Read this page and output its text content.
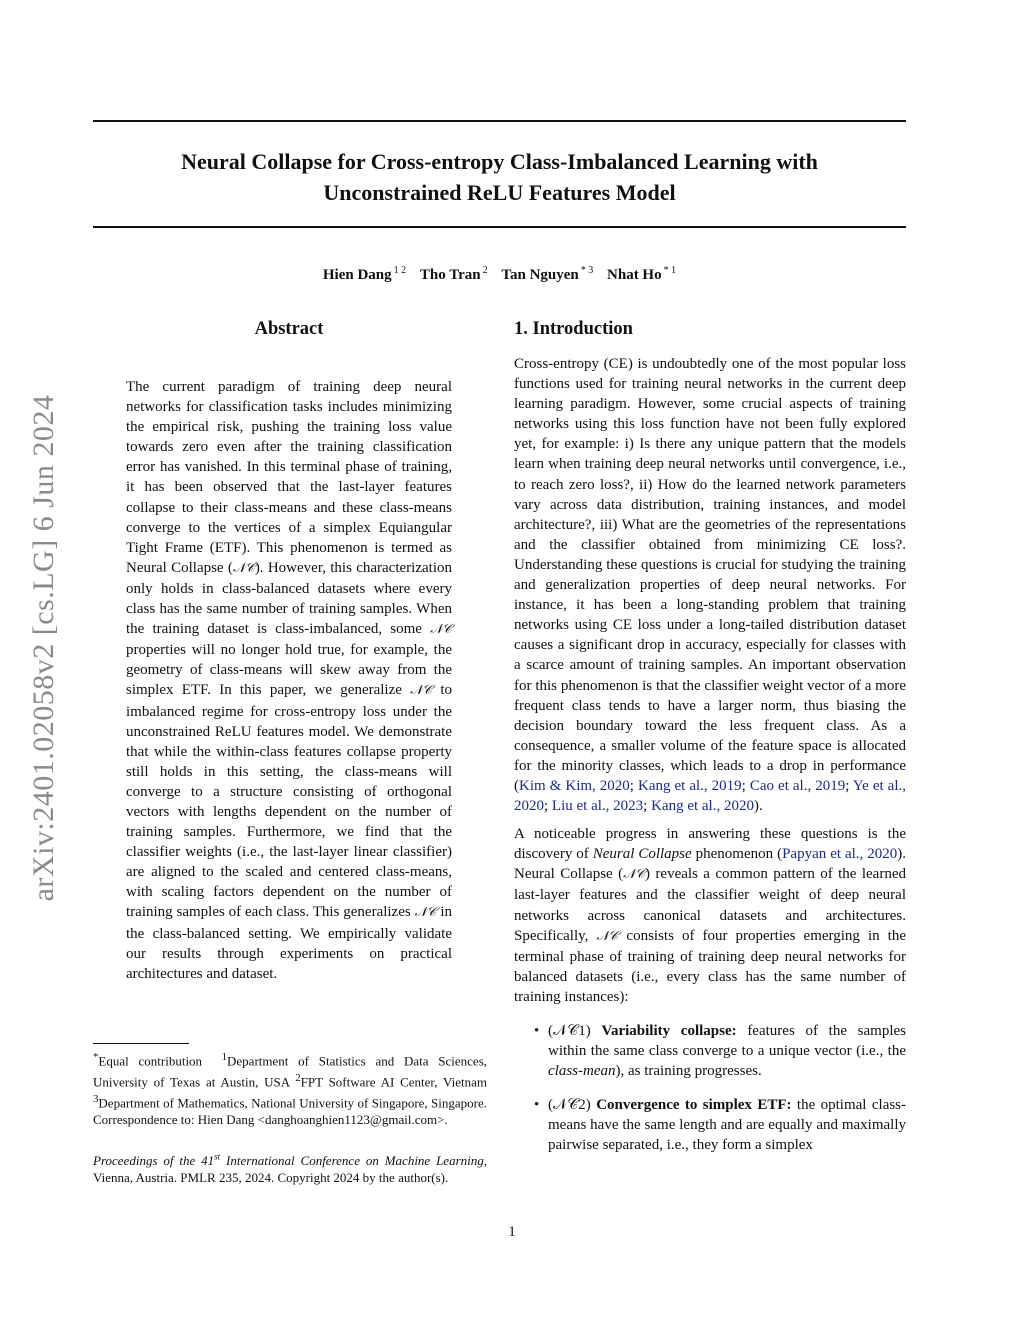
Neural Collapse for Cross-entropy Class-Imbalanced Learning with
Unconstrained ReLU Features Model
Hien Dang $^{1 2}$ Tho Tran $^2$ Tan Nguyen $^{* 3}$ Nhat Ho $^{* 1}$
arXiv:2401.02058v2 [cs.LG] 6 Jun 2024
Abstract

The current paradigm of training deep neural networks for classification tasks includes minimizing the empirical risk, pushing the training loss value towards zero even after the training classification error has vanished. In this terminal phase of training, it has been observed that the last-layer features collapse to their class-means and these class-means converge to the vertices of a simplex Equiangular Tight Frame (ETF). This phenomenon is termed as Neural Collapse (𝒩𝒞). However, this characterization only holds in class-balanced datasets where every class has the same number of training samples. When the training dataset is class-imbalanced, some 𝒩𝒞 properties will no longer hold true, for example, the geometry of class-means will skew away from the simplex ETF. In this paper, we generalize 𝒩𝒞 to imbalanced regime for cross-entropy loss under the unconstrained ReLU features model. We demonstrate that while the within-class features collapse property still holds in this setting, the class-means will converge to a structure consisting of orthogonal vectors with lengths dependent on the number of training samples. Furthermore, we find that the classifier weights (i.e., the last-layer linear classifier) are aligned to the scaled and centered class-means, with scaling factors dependent on the number of training samples of each class. This generalizes 𝒩𝒞 in the class-balanced setting. We empirically validate our results through experiments on practical architectures and dataset.

*Equal contribution $^1$Department of Statistics and Data Sciences, University of Texas at Austin, USA $^2$FPT Software AI Center, Vietnam $^3$Department of Mathematics, National University of Singapore, Singapore. Correspondence to: Hien Dang <danghoanghien1123@gmail.com>.
Proceedings of the 41st International Conference on Machine Learning, Vienna, Austria. PMLR 235, 2024. Copyright 2024 by the author(s).
1. Introduction

Cross-entropy (CE) is undoubtedly one of the most popular loss functions used for training neural networks in the current deep learning paradigm. However, some crucial aspects of training networks using this loss function have not been fully explored yet, for example: i) Is there any unique pattern that the models learn when training deep neural networks until convergence, i.e., to reach zero loss?, ii) How do the learned network parameters vary across data distribution, training instances, and model architecture?, iii) What are the geometries of the representations and the classifier obtained from minimizing CE loss?. Understanding these questions is crucial for studying the training and generalization properties of deep neural networks. For instance, it has been a long-standing problem that training networks using CE loss under a long-tailed distribution dataset causes a significant drop in accuracy, especially for classes with a scarce amount of training samples. An important observation for this phenomenon is that the classifier weight vector of a more frequent class tends to have a larger norm, thus biasing the decision boundary toward the less frequent class. As a consequence, a smaller volume of the feature space is allocated for the minority classes, which leads to a drop in performance (Kim & Kim, 2020; Kang et al., 2019; Cao et al., 2019; Ye et al., 2020; Liu et al., 2023; Kang et al., 2020).

A noticeable progress in answering these questions is the discovery of Neural Collapse phenomenon (Papyan et al., 2020). Neural Collapse (𝒩𝒞) reveals a common pattern of the learned last-layer features and the classifier weight of deep neural networks across canonical datasets and architectures. Specifically, 𝒩𝒞 consists of four properties emerging in the terminal phase of training of training deep neural networks for balanced datasets (i.e., every class has the same number of training instances):

• (𝒩𝒞1) Variability collapse: features of the samples within the same class converge to a unique vector (i.e., the class-mean), as training progresses.
• (𝒩𝒞2) Convergence to simplex ETF: the optimal class-means have the same length and are equally and maximally pairwise separated, i.e., they form a simplex
1
